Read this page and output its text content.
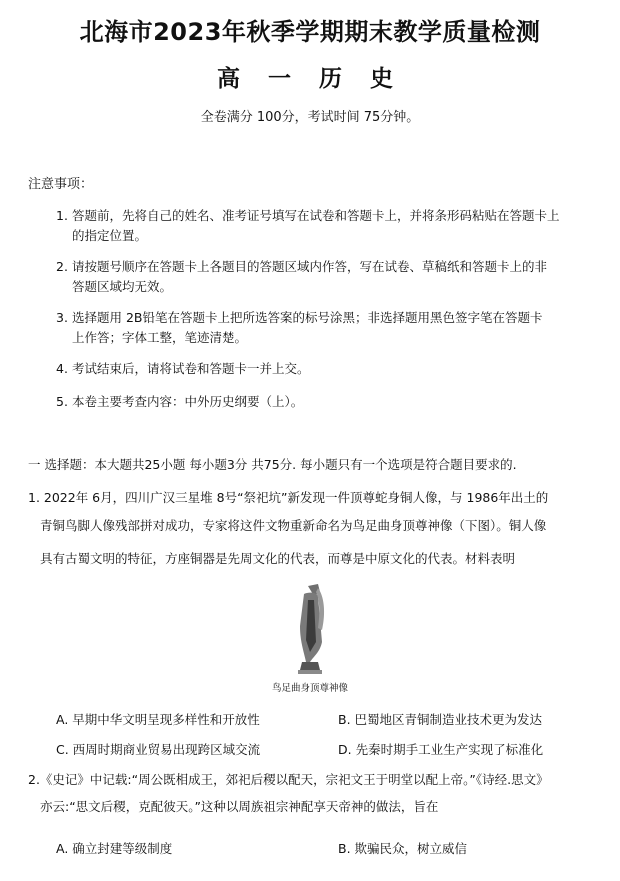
北海市2023年秋季学期期末教学质量检测
高 一 历 史
全卷满分 100分，考试时间 75分钟。
注意事项：
1. 答题前，先将自己的姓名、准考证号填写在试卷和答题卡上，并将条形码粘贴在答题卡上
的指定位置。
2. 请按题号顺序在答题卡上各题目的答题区域内作答，写在试卷、草稿纸和答题卡上的非
答题区域均无效。
3. 选择题用 2B铅笔在答题卡上把所选答案的标号涂黑；非选择题用黑色签字笔在答题卡
上作答；字体工整，笔迹清楚。
4. 考试结束后，请将试卷和答题卡一并上交。
5. 本卷主要考查内容：中外历史纲要（上）。
一 选择题：本大题共25小题 每小题3分 共75分. 每小题只有一个选项是符合题目要求的.
1. 2022年 6月，四川广汉三星堆 8号“祭祀坑”新发现一件顶尊蛇身铜人像，与 1986年出土的
青铜鸟脚人像残部拼对成功，专家将这件文物重新命名为鸟足曲身顶尊神像（下图）。铜人像
具有古蜀文明的特征，方座铜器是先周文化的代表，而尊是中原文化的代表。材料表明
鸟足曲身顶尊神像
A. 早期中华文明呈现多样性和开放性	B. 巴蜀地区青铜制造业技术更为发达
C. 西周时期商业贸易出现跨区域交流	D. 先秦时期手工业生产实现了标准化
2.《史记》中记载:“周公既相成王，郊祀后稷以配天，宗祀文王于明堂以配上帝。”《诗经.思文》
亦云:“思文后稷，克配彼天。”这种以周族祖宗神配享天帝神的做法，旨在
A. 确立封建等级制度	B. 欺骗民众，树立威信
